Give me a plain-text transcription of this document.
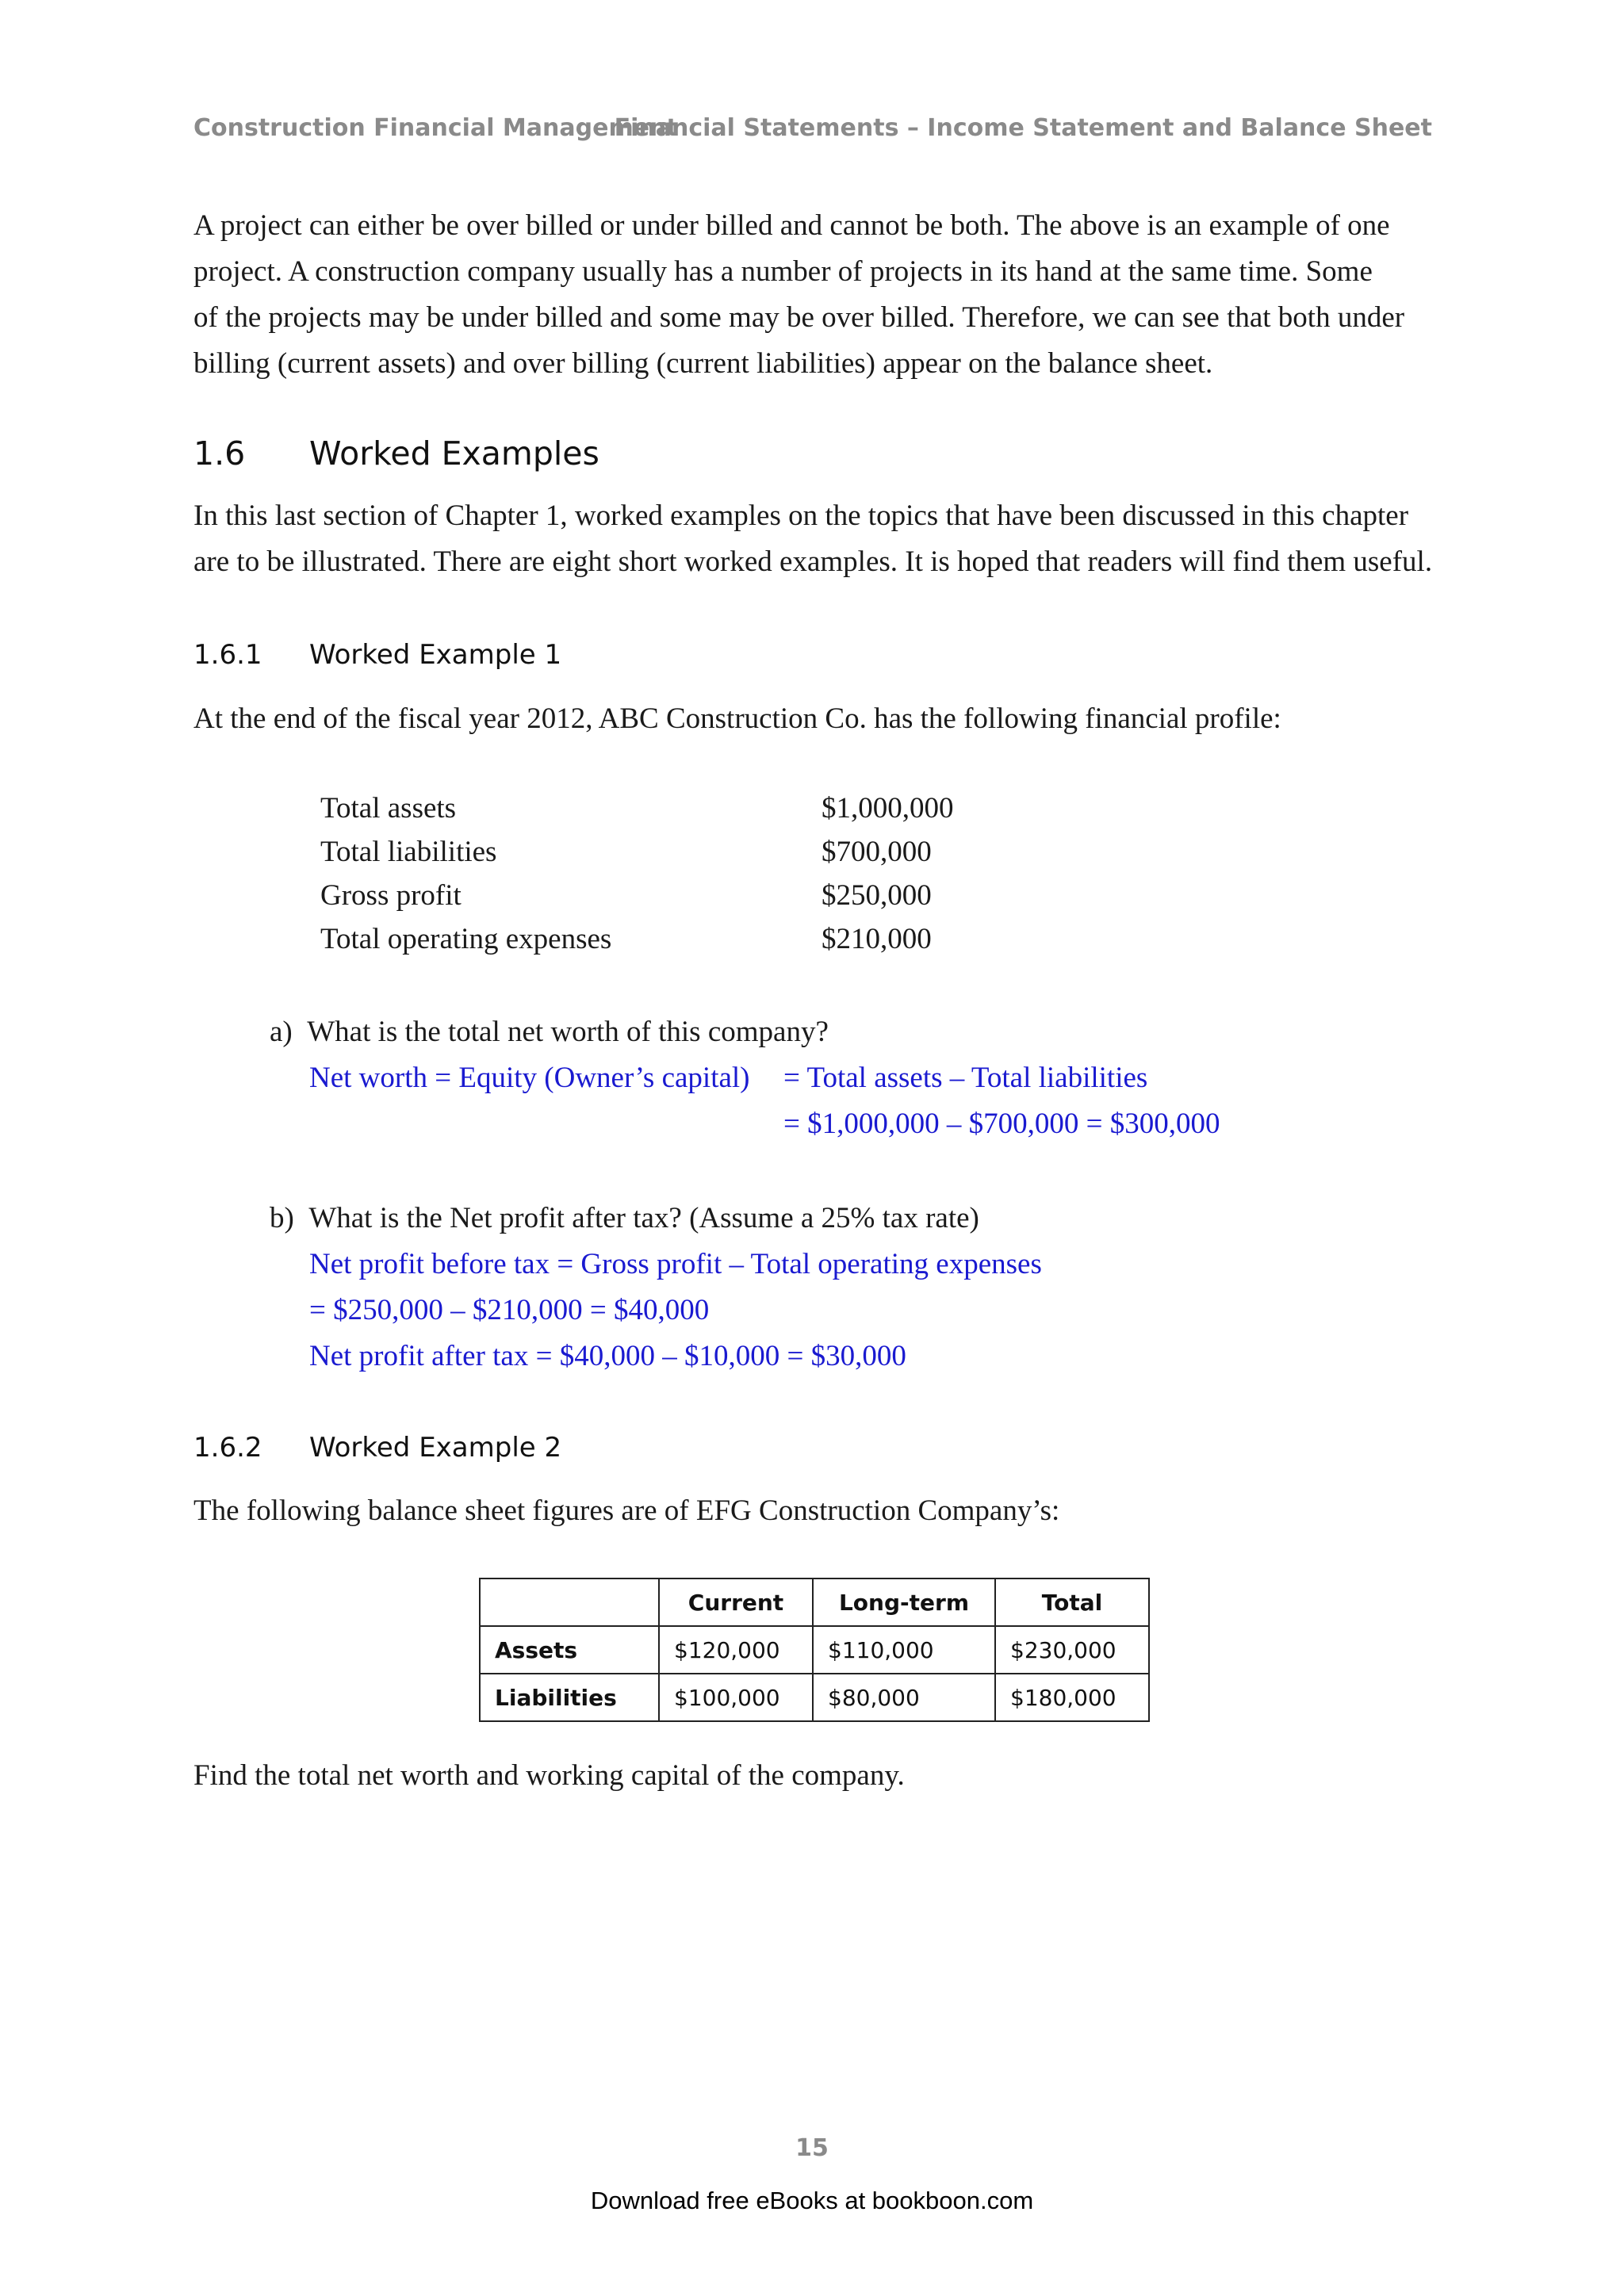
Construction Financial Management
Financial Statements – Income Statement and Balance Sheet
A project can either be over billed or under billed and cannot be both. The above is an example of one
project. A construction company usually has a number of projects in its hand at the same time. Some
of the projects may be under billed and some may be over billed. Therefore, we can see that both under
billing (current assets) and over billing (current liabilities) appear on the balance sheet.
1.6 Worked Examples
In this last section of Chapter 1, worked examples on the topics that have been discussed in this chapter
are to be illustrated. There are eight short worked examples. It is hoped that readers will find them useful.
1.6.1 Worked Example 1
At the end of the fiscal year 2012, ABC Construction Co. has the following financial profile:
Total assets	$1,000,000
Total liabilities	$700,000
Gross profit	$250,000
Total operating expenses	$210,000
a) What is the total net worth of this company?
Net worth = Equity (Owner’s capital) = Total assets – Total liabilities
= $1,000,000 – $700,000 = $300,000
b) What is the Net profit after tax? (Assume a 25% tax rate)
Net profit before tax = Gross profit – Total operating expenses
= $250,000 – $210,000 = $40,000
Net profit after tax = $40,000 – $10,000 = $30,000
1.6.2 Worked Example 2
The following balance sheet figures are of EFG Construction Company’s:
	Current	Long-term	Total
Assets	$120,000	$110,000	$230,000
Liabilities	$100,000	$80,000	$180,000
Find the total net worth and working capital of the company.
15
Download free eBooks at bookboon.com
